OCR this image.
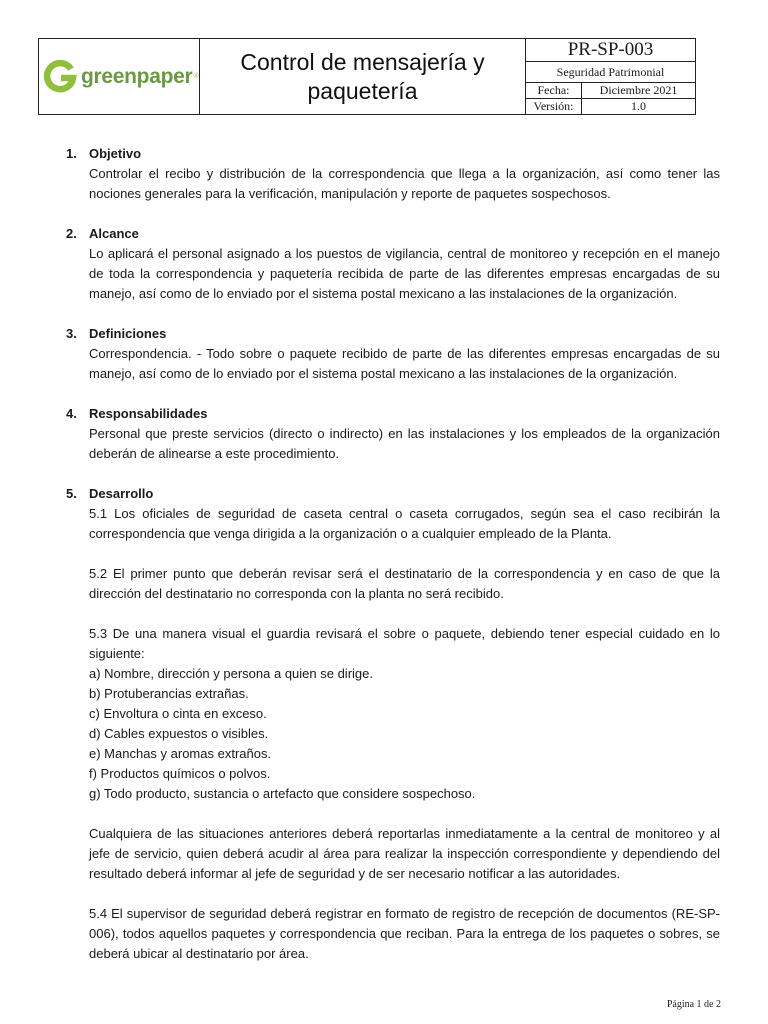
greenpaper ®
Control de mensajería y paquetería
PR-SP-003
Seguridad Patrimonial
Fecha:	Diciembre 2021
Versión:	1.0
1. Objetivo
Controlar el recibo y distribución de la correspondencia que llega a la organización, así como tener las nociones generales para la verificación, manipulación y reporte de paquetes sospechosos.
2. Alcance
Lo aplicará el personal asignado a los puestos de vigilancia, central de monitoreo y recepción en el manejo de toda la correspondencia y paquetería recibida de parte de las diferentes empresas encargadas de su manejo, así como de lo enviado por el sistema postal mexicano a las instalaciones de la organización.
3. Definiciones
Correspondencia. - Todo sobre o paquete recibido de parte de las diferentes empresas encargadas de su manejo, así como de lo enviado por el sistema postal mexicano a las instalaciones de la organización.
4. Responsabilidades
Personal que preste servicios (directo o indirecto) en las instalaciones y los empleados de la organización deberán de alinearse a este procedimiento.
5. Desarrollo
5.1 Los oficiales de seguridad de caseta central o caseta corrugados, según sea el caso recibirán la correspondencia que venga dirigida a la organización o a cualquier empleado de la Planta.
5.2 El primer punto que deberán revisar será el destinatario de la correspondencia y en caso de que la dirección del destinatario no corresponda con la planta no será recibido.
5.3 De una manera visual el guardia revisará el sobre o paquete, debiendo tener especial cuidado en lo siguiente:
a) Nombre, dirección y persona a quien se dirige.
b) Protuberancias extrañas.
c) Envoltura o cinta en exceso.
d) Cables expuestos o visibles.
e) Manchas y aromas extraños.
f) Productos químicos o polvos.
g) Todo producto, sustancia o artefacto que considere sospechoso.
Cualquiera de las situaciones anteriores deberá reportarlas inmediatamente a la central de monitoreo y al jefe de servicio, quien deberá acudir al área para realizar la inspección correspondiente y dependiendo del resultado deberá informar al jefe de seguridad y de ser necesario notificar a las autoridades.
5.4 El supervisor de seguridad deberá registrar en formato de registro de recepción de documentos (RE-SP-006), todos aquellos paquetes y correspondencia que reciban. Para la entrega de los paquetes o sobres, se deberá ubicar al destinatario por área.
Página 1 de 2
